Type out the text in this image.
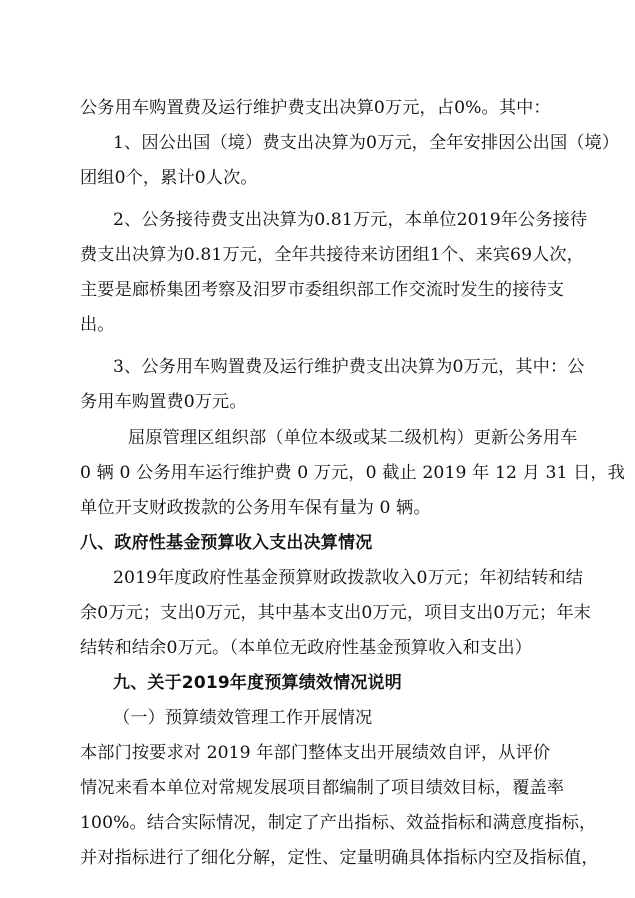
公务用车购置费及运行维护费支出决算0万元，占0%。其中：
1、因公出国（境）费支出决算为0万元，全年安排因公出国（境）
团组0个，累计0人次。
2、公务接待费支出决算为0.81万元，本单位2019年公务接待
费支出决算为0.81万元，全年共接待来访团组1个、来宾69人次，
主要是廊桥集团考察及汨罗市委组织部工作交流时发生的接待支
出。
3、公务用车购置费及运行维护费支出决算为0万元，其中：公
务用车购置费0万元。
屈原管理区组织部（单位本级或某二级机构）更新公务用车
0 辆 0 公务用车运行维护费 0 万元，0 截止 2019 年 12 月 31 日，我
单位开支财政拨款的公务用车保有量为 0 辆。
八、政府性基金预算收入支出决算情况
2019年度政府性基金预算财政拨款收入0万元；年初结转和结
余0万元；支出0万元，其中基本支出0万元，项目支出0万元；年末
结转和结余0万元。（本单位无政府性基金预算收入和支出）
九、关于2019年度预算绩效情况说明
（一）预算绩效管理工作开展情况
本部门按要求对 2019 年部门整体支出开展绩效自评，从评价
情况来看本单位对常规发展项目都编制了项目绩效目标，覆盖率
100%。结合实际情况，制定了产出指标、效益指标和满意度指标，
并对指标进行了细化分解，定性、定量明确具体指标内空及指标值，
